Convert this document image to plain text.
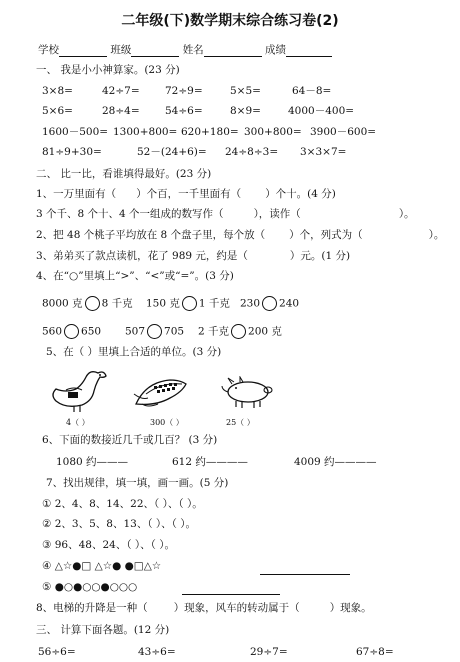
二年级(下)数学期末综合练习卷(2)
学校	班级	姓名	成绩
一、 我是小小神算家。(23 分)
3×8=	42÷7= 72÷9=	5×5=	64－8=
5×6=	28÷4= 54÷6=	8×9=	4000－400=
1600－500= 1300+800= 620+180= 300+800= 3900－600=
81÷9+30=	52－(24+6)= 24÷8÷3= 3×3×7=
二、 比一比，看谁填得最好。(23 分)
1、一万里面有（ ）个百，一千里面有（ ）个十。(4 分)
3 个千、8 个十、4 个一组成的数写作（	），读作（	）。
2、把 48 个桃子平均放在 8 个盘子里，每个放（ ）个，列式为（	）。
3、弟弟买了款点读机，花了 989 元，约是（	）元。(1 分)
4、在“○”里填上“>”、“<”或“=”。(3 分)
8000 克 8 千克 150 克 1 千克 230 240
560 650 507 705 2 千克 200 克
5、在（ ）里填上合适的单位。(3 分)
4（ ）	300（ ）	25（ ）
6、下面的数接近几千或几百？ (3 分)
1080 约———	612 约————	4009 约————
7、找出规律，填一填，画一画。(5 分)
① 2、4、8、14、22、（ ）、（ ）。
② 2、3、5、8、13、（ ）、（ ）。
③ 96、48、24、（ ）、（ ）。
④ △☆●□ △☆● ●□△☆
⑤ ●○●○○●○○○
8、电梯的升降是一种（ ）现象，风车的转动属于（	）现象。
三、 计算下面各题。(12 分)
56÷6=	43÷6=	29÷7=	67÷8=
